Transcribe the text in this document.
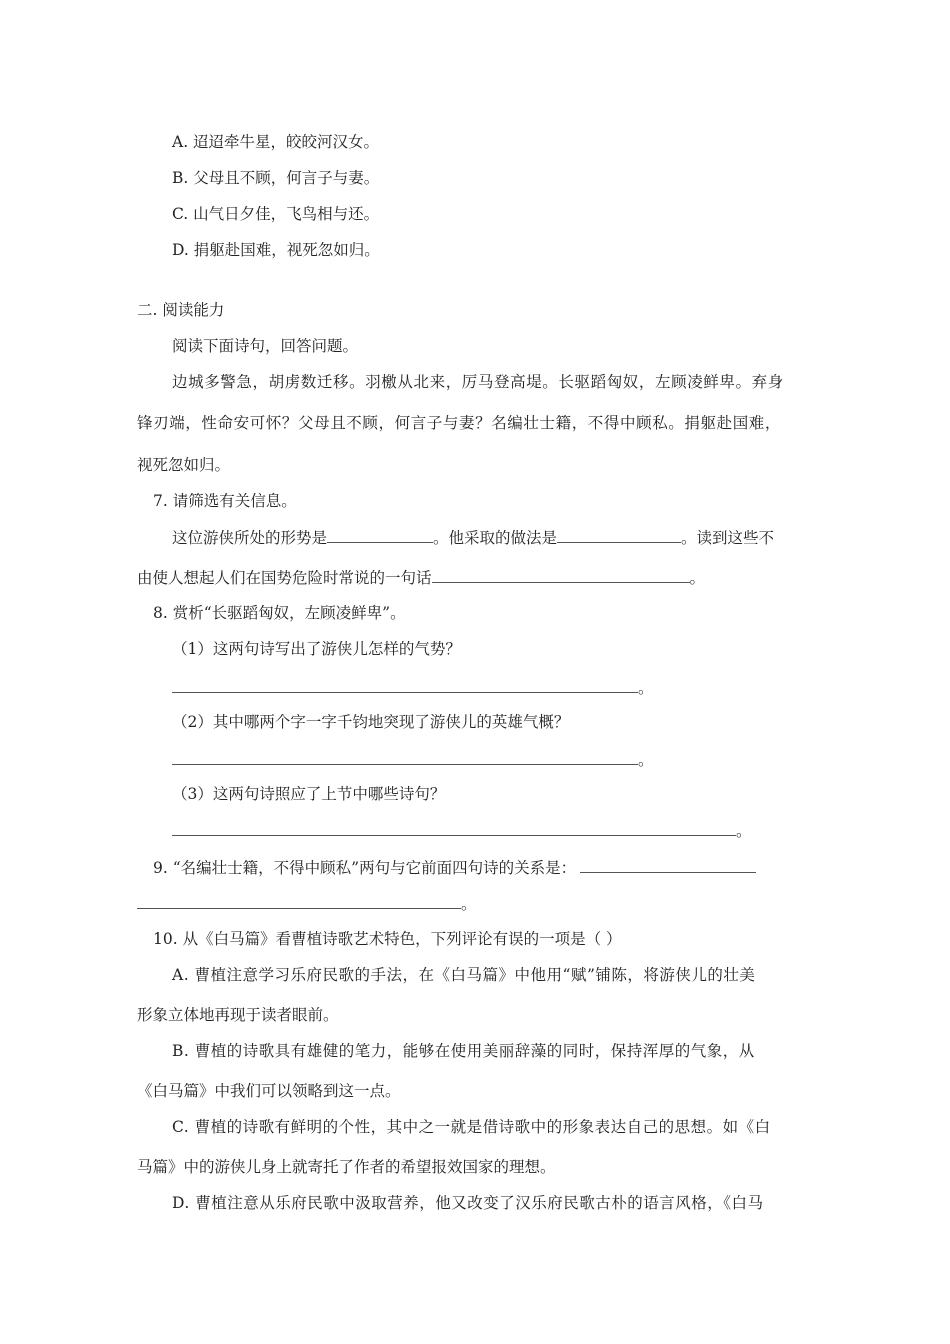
A. 迢迢牵牛星，皎皎河汉女。
B. 父母且不顾，何言子与妻。
C. 山气日夕佳，飞鸟相与还。
D. 捐躯赴国难，视死忽如归。
二. 阅读能力
阅读下面诗句，回答问题。
边城多警急，胡虏数迁移。羽檄从北来，厉马登高堤。长驱蹈匈奴，左顾凌鲜卑。弃身
锋刃端，性命安可怀？父母且不顾，何言子与妻？名编壮士籍，不得中顾私。捐躯赴国难，
视死忽如归。
7. 请筛选有关信息。
这位游侠所处的形势是	。他采取的做法是	。读到这些不
由使人想起人们在国势危险时常说的一句话	。
8. 赏析“长驱蹈匈奴，左顾凌鲜卑”。
（1）这两句诗写出了游侠儿怎样的气势？
。
（2）其中哪两个字一字千钧地突现了游侠儿的英雄气概？
。
（3）这两句诗照应了上节中哪些诗句？
。
9. “名编壮士籍，不得中顾私”两句与它前面四句诗的关系是：
。
10. 从《白马篇》看曹植诗歌艺术特色，下列评论有误的一项是（ ）
A. 曹植注意学习乐府民歌的手法，在《白马篇》中他用“赋”铺陈，将游侠儿的壮美
形象立体地再现于读者眼前。
B. 曹植的诗歌具有雄健的笔力，能够在使用美丽辞藻的同时，保持浑厚的气象，从
《白马篇》中我们可以领略到这一点。
C. 曹植的诗歌有鲜明的个性，其中之一就是借诗歌中的形象表达自己的思想。如《白
马篇》中的游侠儿身上就寄托了作者的希望报效国家的理想。
D. 曹植注意从乐府民歌中汲取营养，他又改变了汉乐府民歌古朴的语言风格，《白马
